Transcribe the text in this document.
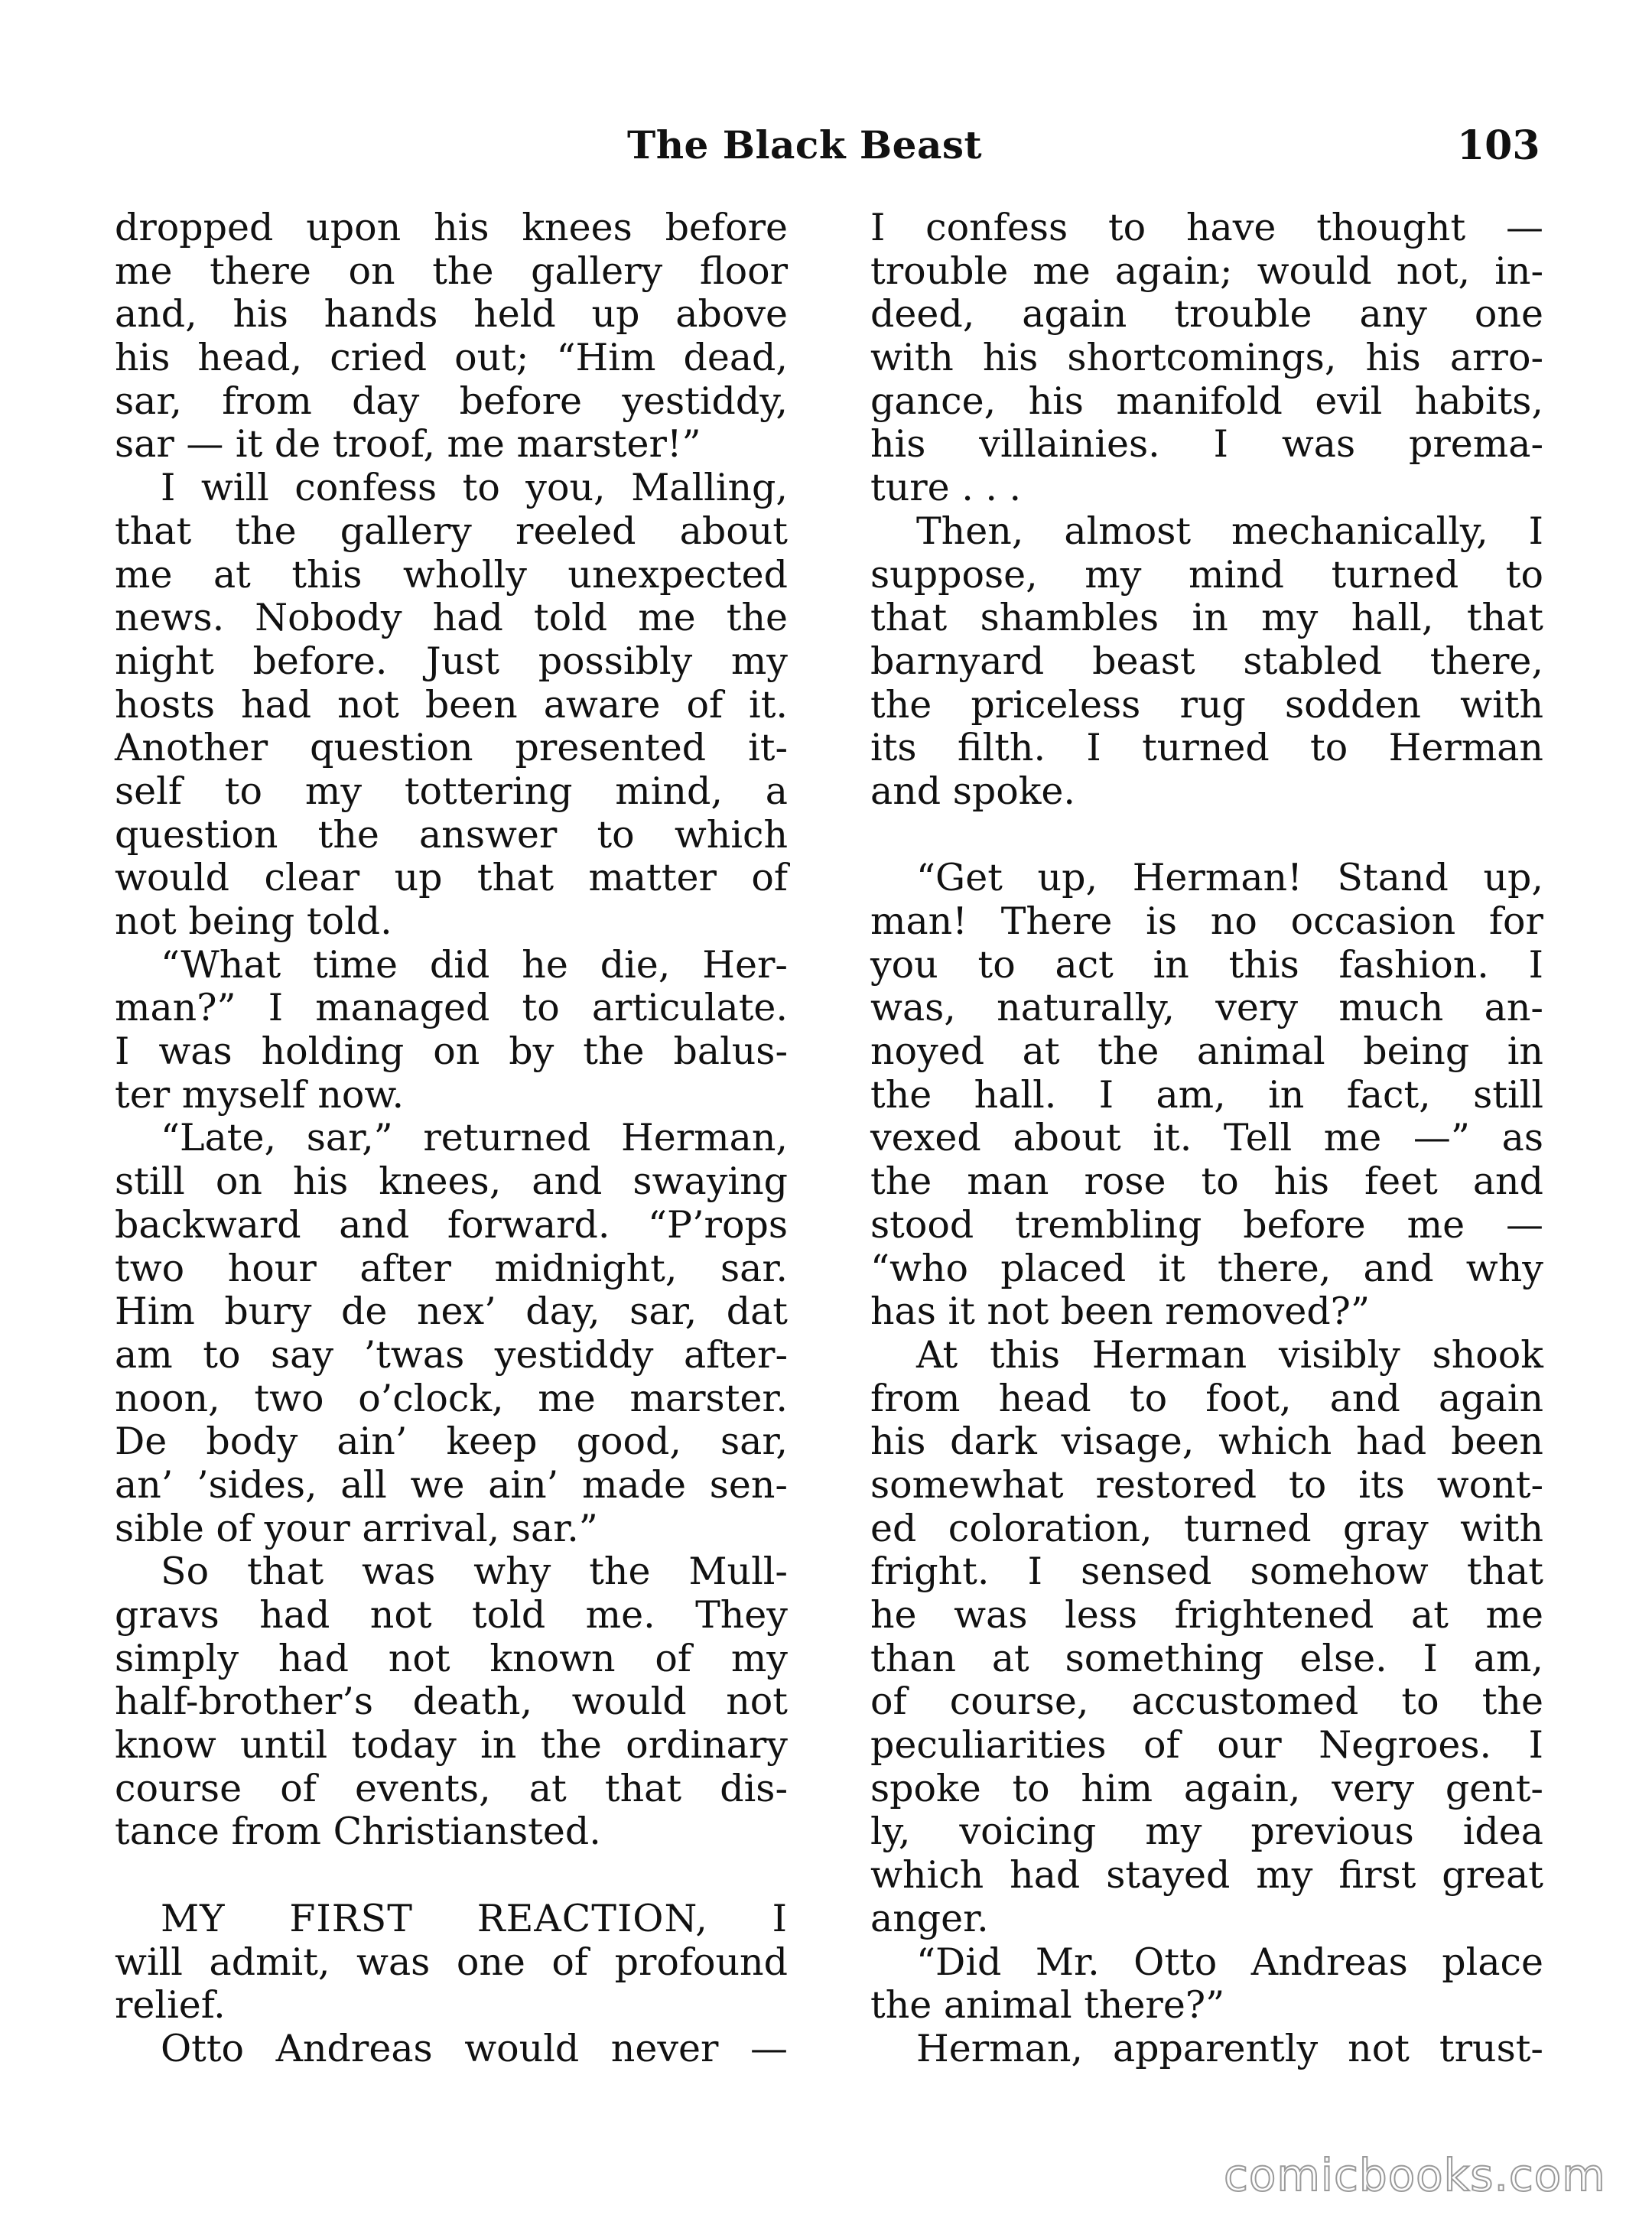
The Black Beast	103
dropped upon his knees before
me there on the gallery floor
and, his hands held up above
his head, cried out; “Him dead,
sar, from day before yestiddy,
sar — it de troof, me marster!”
I will confess to you, Malling,
that the gallery reeled about
me at this wholly unexpected
news. Nobody had told me the
night before. Just possibly my
hosts had not been aware of it.
Another question presented it-
self to my tottering mind, a
question the answer to which
would clear up that matter of
not being told.
“What time did he die, Her-
man?” I managed to articulate.
I was holding on by the balus-
ter myself now.
“Late, sar,” returned Herman,
still on his knees, and swaying
backward and forward. “P’rops
two hour after midnight, sar.
Him bury de nex’ day, sar, dat
am to say ’twas yestiddy after-
noon, two o’clock, me marster.
De body ain’ keep good, sar,
an’ ’sides, all we ain’ made sen-
sible of your arrival, sar.”
So that was why the Mull-
gravs had not told me. They
simply had not known of my
half-brother’s death, would not
know until today in the ordinary
course of events, at that dis-
tance from Christiansted.
MY FIRST REACTION, I
will admit, was one of profound
relief.
Otto Andreas would never —
I confess to have thought —
trouble me again; would not, in-
deed, again trouble any one
with his shortcomings, his arro-
gance, his manifold evil habits,
his villainies. I was prema-
ture . . .
Then, almost mechanically, I
suppose, my mind turned to
that shambles in my hall, that
barnyard beast stabled there,
the priceless rug sodden with
its filth. I turned to Herman
and spoke.
“Get up, Herman! Stand up,
man! There is no occasion for
you to act in this fashion. I
was, naturally, very much an-
noyed at the animal being in
the hall. I am, in fact, still
vexed about it. Tell me —” as
the man rose to his feet and
stood trembling before me —
“who placed it there, and why
has it not been removed?”
At this Herman visibly shook
from head to foot, and again
his dark visage, which had been
somewhat restored to its wont-
ed coloration, turned gray with
fright. I sensed somehow that
he was less frightened at me
than at something else. I am,
of course, accustomed to the
peculiarities of our Negroes. I
spoke to him again, very gent-
ly, voicing my previous idea
which had stayed my first great
anger.
“Did Mr. Otto Andreas place
the animal there?”
Herman, apparently not trust-
comicbooks.com
